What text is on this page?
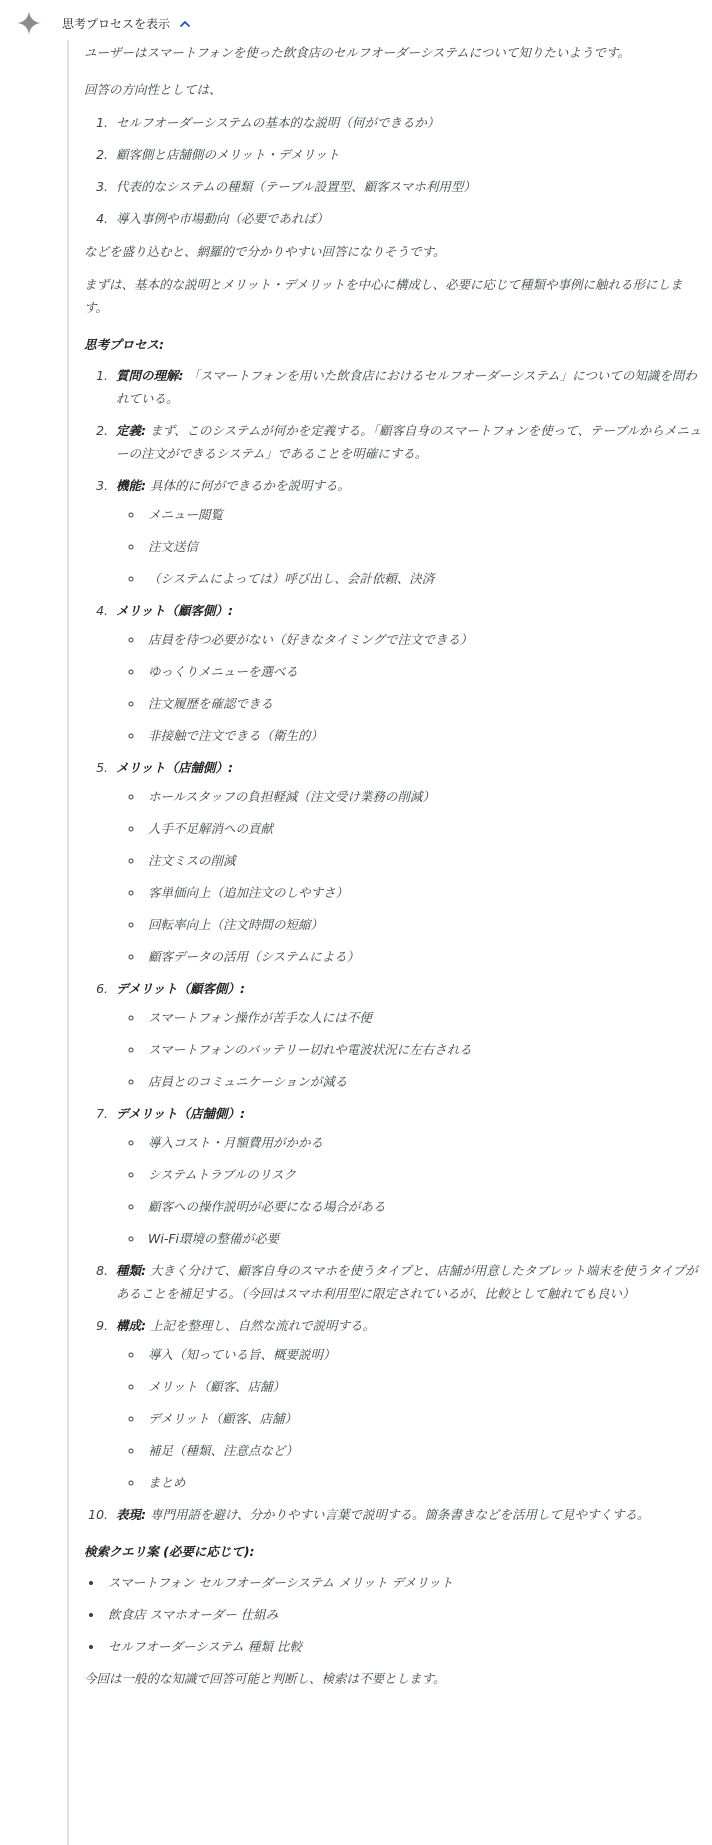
思考プロセスを表示

ユーザーはスマートフォンを使った飲食店のセルフオーダーシステムについて知りたいようです。

回答の方向性としては、

1. セルフオーダーシステムの基本的な説明（何ができるか）
2. 顧客側と店舗側のメリット・デメリット
3. 代表的なシステムの種類（テーブル設置型、顧客スマホ利用型）
4. 導入事例や市場動向（必要であれば）

などを盛り込むと、網羅的で分かりやすい回答になりそうです。

まずは、基本的な説明とメリット・デメリットを中心に構成し、必要に応じて種類や事例に触れる形にします。

思考プロセス:
1. 質問の理解: 「スマートフォンを用いた飲食店におけるセルフオーダーシステム」についての知識を問われている。
2. 定義: まず、このシステムが何かを定義する。「顧客自身のスマートフォンを使って、テーブルからメニューの注文ができるシステム」であることを明確にする。
3. 機能: 具体的に何ができるかを説明する。
◦ メニュー閲覧
◦ 注文送信
◦ （システムによっては）呼び出し、会計依頼、決済
4. メリット（顧客側）:
◦ 店員を待つ必要がない（好きなタイミングで注文できる）
◦ ゆっくりメニューを選べる
◦ 注文履歴を確認できる
◦ 非接触で注文できる（衛生的）
5. メリット（店舗側）:
◦ ホールスタッフの負担軽減（注文受け業務の削減）
◦ 人手不足解消への貢献
◦ 注文ミスの削減
◦ 客単価向上（追加注文のしやすさ）
◦ 回転率向上（注文時間の短縮）
◦ 顧客データの活用（システムによる）
6. デメリット（顧客側）:
◦ スマートフォン操作が苦手な人には不便
◦ スマートフォンのバッテリー切れや電波状況に左右される
◦ 店員とのコミュニケーションが減る
7. デメリット（店舗側）:
◦ 導入コスト・月額費用がかかる
◦ システムトラブルのリスク
◦ 顧客への操作説明が必要になる場合がある
◦ Wi-Fi環境の整備が必要
8. 種類: 大きく分けて、顧客自身のスマホを使うタイプと、店舗が用意したタブレット端末を使うタイプがあることを補足する。（今回はスマホ利用型に限定されているが、比較として触れても良い）
9. 構成: 上記を整理し、自然な流れで説明する。
◦ 導入（知っている旨、概要説明）
◦ メリット（顧客、店舗）
◦ デメリット（顧客、店舗）
◦ 補足（種類、注意点など）
◦ まとめ
10. 表現: 専門用語を避け、分かりやすい言葉で説明する。箇条書きなどを活用して見やすくする。
検索クエリ案 (必要に応じて):
• スマートフォン セルフオーダーシステム メリット デメリット
• 飲食店 スマホオーダー 仕組み
• セルフオーダーシステム 種類 比較

今回は一般的な知識で回答可能と判断し、検索は不要とします。
